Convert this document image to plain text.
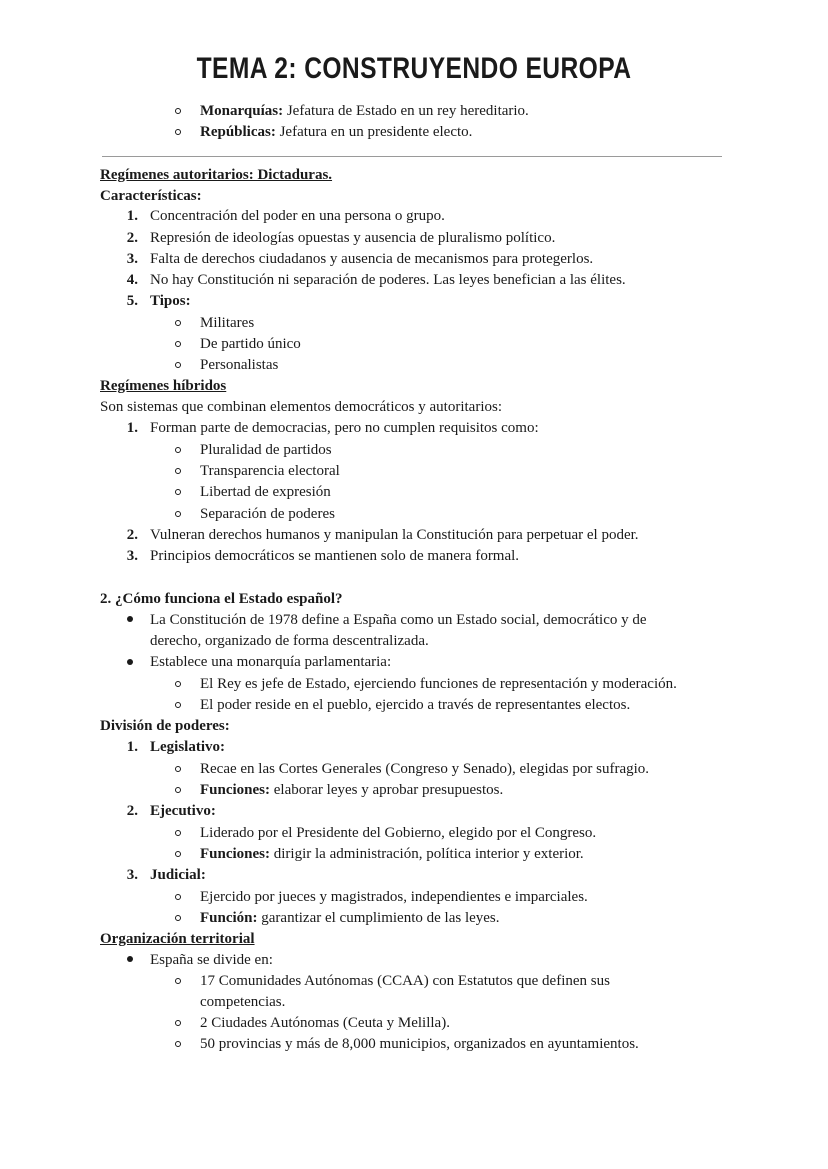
TEMA 2: CONSTRUYENDO EUROPA
Monarquías: Jefatura de Estado en un rey hereditario.
Repúblicas: Jefatura en un presidente electo.
Regímenes autoritarios: Dictaduras.
Características:
1. Concentración del poder en una persona o grupo.
2. Represión de ideologías opuestas y ausencia de pluralismo político.
3. Falta de derechos ciudadanos y ausencia de mecanismos para protegerlos.
4. No hay Constitución ni separación de poderes. Las leyes benefician a las élites.
5. Tipos:
Militares
De partido único
Personalistas
Regímenes híbridos
Son sistemas que combinan elementos democráticos y autoritarios:
1. Forman parte de democracias, pero no cumplen requisitos como:
Pluralidad de partidos
Transparencia electoral
Libertad de expresión
Separación de poderes
2. Vulneran derechos humanos y manipulan la Constitución para perpetuar el poder.
3. Principios democráticos se mantienen solo de manera formal.
2. ¿Cómo funciona el Estado español?
La Constitución de 1978 define a España como un Estado social, democrático y de
derecho, organizado de forma descentralizada.
Establece una monarquía parlamentaria:
El Rey es jefe de Estado, ejerciendo funciones de representación y moderación.
El poder reside en el pueblo, ejercido a través de representantes electos.
División de poderes:
1. Legislativo:
Recae en las Cortes Generales (Congreso y Senado), elegidas por sufragio.
Funciones: elaborar leyes y aprobar presupuestos.
2. Ejecutivo:
Liderado por el Presidente del Gobierno, elegido por el Congreso.
Funciones: dirigir la administración, política interior y exterior.
3. Judicial:
Ejercido por jueces y magistrados, independientes e imparciales.
Función: garantizar el cumplimiento de las leyes.
Organización territorial
España se divide en:
17 Comunidades Autónomas (CCAA) con Estatutos que definen sus
competencias.
2 Ciudades Autónomas (Ceuta y Melilla).
50 provincias y más de 8,000 municipios, organizados en ayuntamientos.
